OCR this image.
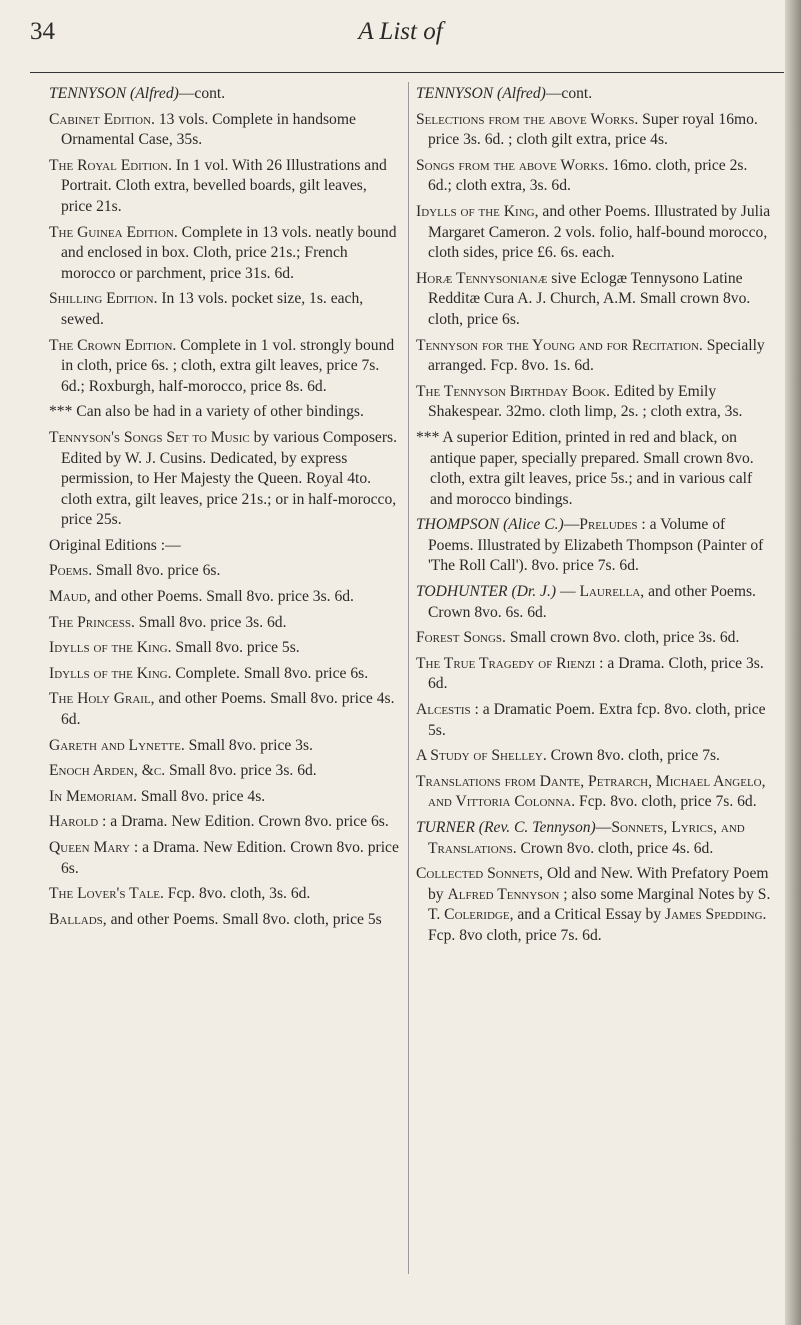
34	A List of

TENNYSON (Alfred)—cont.

Cabinet Edition. 13 vols. Complete in handsome Ornamental Case, 35s.

The Royal Edition. In 1 vol. With 26 Illustrations and Portrait. Cloth extra, bevelled boards, gilt leaves, price 21s.

The Guinea Edition. Complete in 13 vols. neatly bound and enclosed in box. Cloth, price 21s.; French morocco or parchment, price 31s. 6d.

Shilling Edition. In 13 vols. pocket size, 1s. each, sewed.

The Crown Edition. Complete in 1 vol. strongly bound in cloth, price 6s. ; cloth, extra gilt leaves, price 7s. 6d.; Roxburgh, half-morocco, price 8s. 6d.

*** Can also be had in a variety of other bindings.

Tennyson's Songs Set to Music by various Composers. Edited by W. J. Cusins. Dedicated, by express permission, to Her Majesty the Queen. Royal 4to. cloth extra, gilt leaves, price 21s.; or in half-morocco, price 25s.

Original Editions :—

Poems. Small 8vo. price 6s.

Maud, and other Poems. Small 8vo. price 3s. 6d.

The Princess. Small 8vo. price 3s. 6d.

Idylls of the King. Small 8vo. price 5s.

Idylls of the King. Complete. Small 8vo. price 6s.

The Holy Grail, and other Poems. Small 8vo. price 4s. 6d.

Gareth and Lynette. Small 8vo. price 3s.

Enoch Arden, &c. Small 8vo. price 3s. 6d.

In Memoriam. Small 8vo. price 4s.

Harold : a Drama. New Edition. Crown 8vo. price 6s.

Queen Mary : a Drama. New Edition. Crown 8vo. price 6s.

The Lover's Tale. Fcp. 8vo. cloth, 3s. 6d.

Ballads, and other Poems. Small 8vo. cloth, price 5s

TENNYSON (Alfred)—cont.

Selections from the above Works. Super royal 16mo. price 3s. 6d. ; cloth gilt extra, price 4s.

Songs from the above Works. 16mo. cloth, price 2s. 6d.; cloth extra, 3s. 6d.

Idylls of the King, and other Poems. Illustrated by Julia Margaret Cameron. 2 vols. folio, half-bound morocco, cloth sides, price £6. 6s. each.

Horæ Tennysonianæ sive Eclogæ Tennysono Latine Redditæ Cura A. J. Church, A.M. Small crown 8vo. cloth, price 6s.

Tennyson for the Young and for Recitation. Specially arranged. Fcp. 8vo. 1s. 6d.

The Tennyson Birthday Book. Edited by Emily Shakespear. 32mo. cloth limp, 2s. ; cloth extra, 3s.

*** A superior Edition, printed in red and black, on antique paper, specially prepared. Small crown 8vo. cloth, extra gilt leaves, price 5s.; and in various calf and morocco bindings.

THOMPSON (Alice C.)—Preludes : a Volume of Poems. Illustrated by Elizabeth Thompson (Painter of 'The Roll Call'). 8vo. price 7s. 6d.

TODHUNTER (Dr. J.) — Laurella, and other Poems. Crown 8vo. 6s. 6d.

Forest Songs. Small crown 8vo. cloth, price 3s. 6d.

The True Tragedy of Rienzi : a Drama. Cloth, price 3s. 6d.

Alcestis : a Dramatic Poem. Extra fcp. 8vo. cloth, price 5s.

A Study of Shelley. Crown 8vo. cloth, price 7s.

Translations from Dante, Petrarch, Michael Angelo, and Vittoria Colonna. Fcp. 8vo. cloth, price 7s. 6d.

TURNER (Rev. C. Tennyson)—Sonnets, Lyrics, and Translations. Crown 8vo. cloth, price 4s. 6d.

Collected Sonnets, Old and New. With Prefatory Poem by Alfred Tennyson ; also some Marginal Notes by S. T. Coleridge, and a Critical Essay by James Spedding. Fcp. 8vo cloth, price 7s. 6d.
